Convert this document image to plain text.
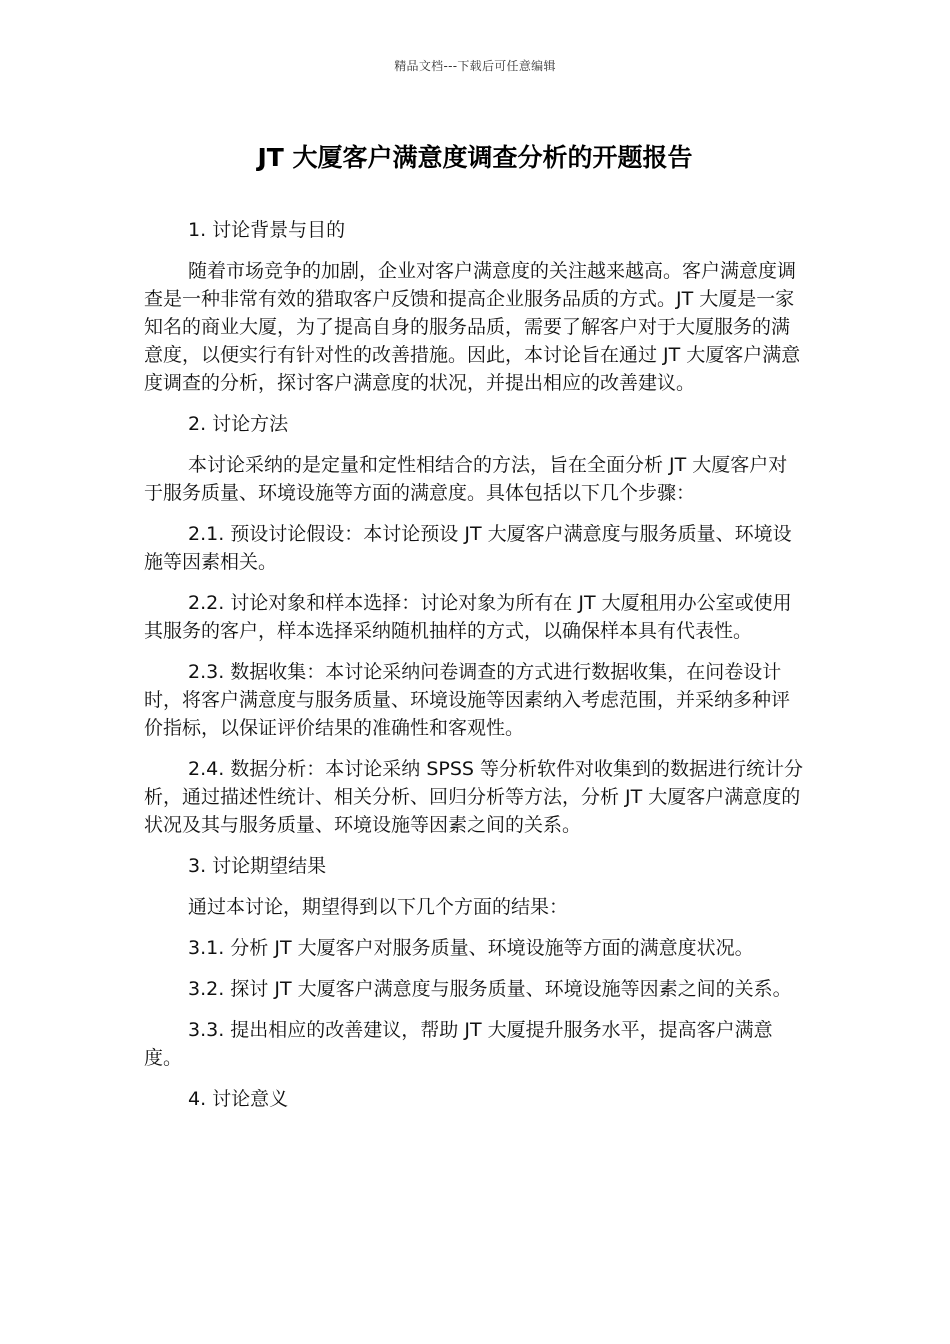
精品文档---下载后可任意编辑
JT 大厦客户满意度调查分析的开题报告

1. 讨论背景与目的

随着市场竞争的加剧，企业对客户满意度的关注越来越高。客户满意度调查是一种非常有效的猎取客户反馈和提高企业服务品质的方式。JT 大厦是一家知名的商业大厦，为了提高自身的服务品质，需要了解客户对于大厦服务的满意度，以便实行有针对性的改善措施。因此，本讨论旨在通过 JT 大厦客户满意度调查的分析，探讨客户满意度的状况，并提出相应的改善建议。

2. 讨论方法

本讨论采纳的是定量和定性相结合的方法，旨在全面分析 JT 大厦客户对于服务质量、环境设施等方面的满意度。具体包括以下几个步骤：

2.1. 预设讨论假设：本讨论预设 JT 大厦客户满意度与服务质量、环境设施等因素相关。

2.2. 讨论对象和样本选择：讨论对象为所有在 JT 大厦租用办公室或使用其服务的客户，样本选择采纳随机抽样的方式，以确保样本具有代表性。

2.3. 数据收集：本讨论采纳问卷调查的方式进行数据收集，在问卷设计时，将客户满意度与服务质量、环境设施等因素纳入考虑范围，并采纳多种评价指标，以保证评价结果的准确性和客观性。

2.4. 数据分析：本讨论采纳 SPSS 等分析软件对收集到的数据进行统计分析，通过描述性统计、相关分析、回归分析等方法，分析 JT 大厦客户满意度的状况及其与服务质量、环境设施等因素之间的关系。

3. 讨论期望结果

通过本讨论，期望得到以下几个方面的结果：

3.1. 分析 JT 大厦客户对服务质量、环境设施等方面的满意度状况。

3.2. 探讨 JT 大厦客户满意度与服务质量、环境设施等因素之间的关系。

3.3. 提出相应的改善建议，帮助 JT 大厦提升服务水平，提高客户满意度。

4. 讨论意义
